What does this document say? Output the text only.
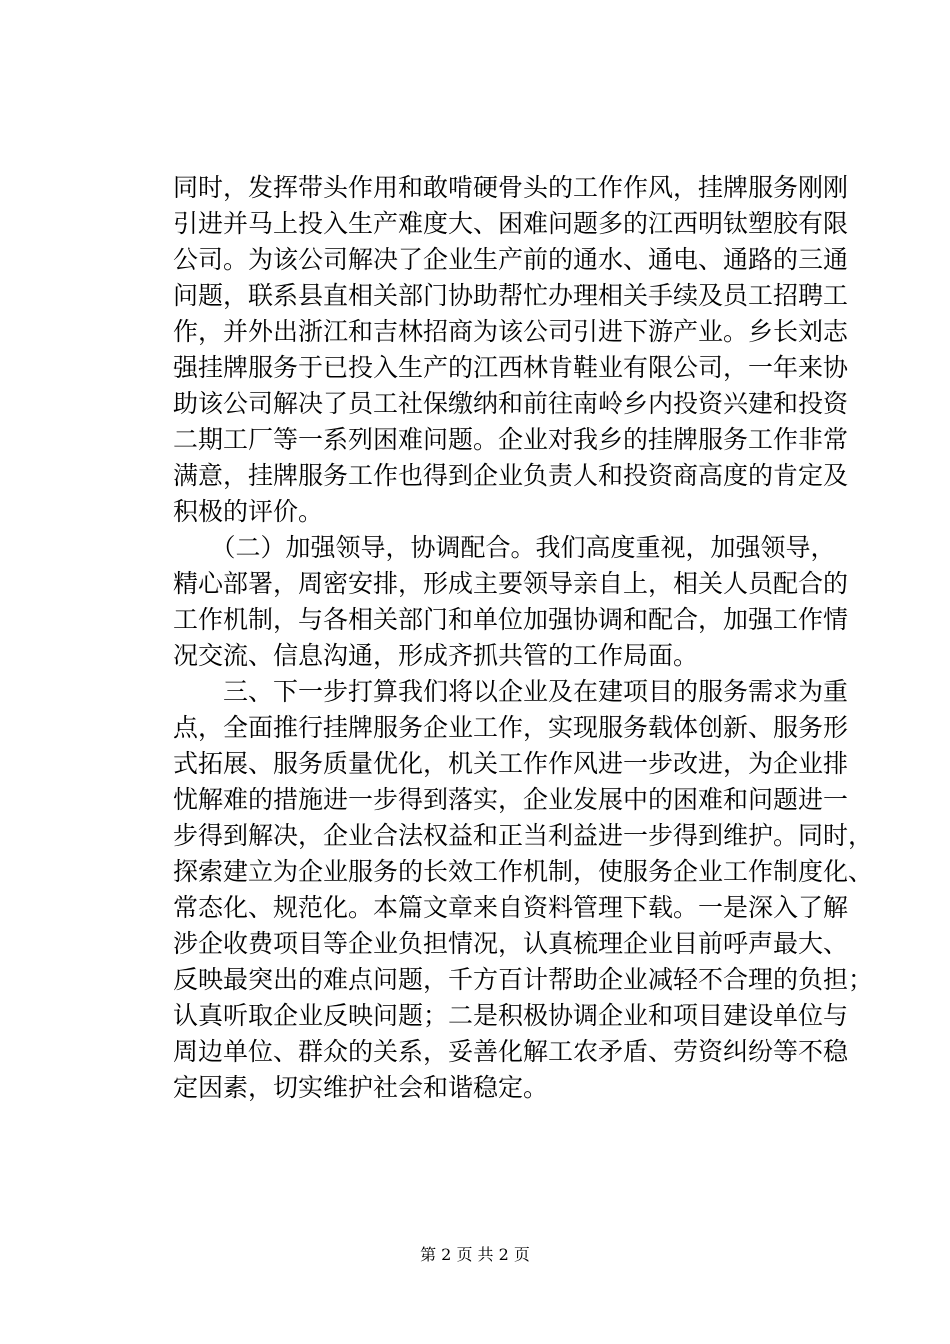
同时，发挥带头作用和敢啃硬骨头的工作作风，挂牌服务刚刚
引进并马上投入生产难度大、困难问题多的江西明钛塑胶有限
公司。为该公司解决了企业生产前的通水、通电、通路的三通
问题，联系县直相关部门协助帮忙办理相关手续及员工招聘工
作，并外出浙江和吉林招商为该公司引进下游产业。乡长刘志
强挂牌服务于已投入生产的江西林肯鞋业有限公司，一年来协
助该公司解决了员工社保缴纳和前往南岭乡内投资兴建和投资
二期工厂等一系列困难问题。企业对我乡的挂牌服务工作非常
满意，挂牌服务工作也得到企业负责人和投资商高度的肯定及
积极的评价。
　　（二）加强领导，协调配合。我们高度重视，加强领导，
精心部署，周密安排，形成主要领导亲自上，相关人员配合的
工作机制，与各相关部门和单位加强协调和配合，加强工作情
况交流、信息沟通，形成齐抓共管的工作局面。
　　三、下一步打算我们将以企业及在建项目的服务需求为重
点，全面推行挂牌服务企业工作，实现服务载体创新、服务形
式拓展、服务质量优化，机关工作作风进一步改进，为企业排
忧解难的措施进一步得到落实，企业发展中的困难和问题进一
步得到解决，企业合法权益和正当利益进一步得到维护。同时，
探索建立为企业服务的长效工作机制，使服务企业工作制度化、
常态化、规范化。本篇文章来自资料管理下载。一是深入了解
涉企收费项目等企业负担情况，认真梳理企业目前呼声最大、
反映最突出的难点问题，千方百计帮助企业减轻不合理的负担；
认真听取企业反映问题；二是积极协调企业和项目建设单位与
周边单位、群众的关系，妥善化解工农矛盾、劳资纠纷等不稳
定因素，切实维护社会和谐稳定。
第 2 页 共 2 页
